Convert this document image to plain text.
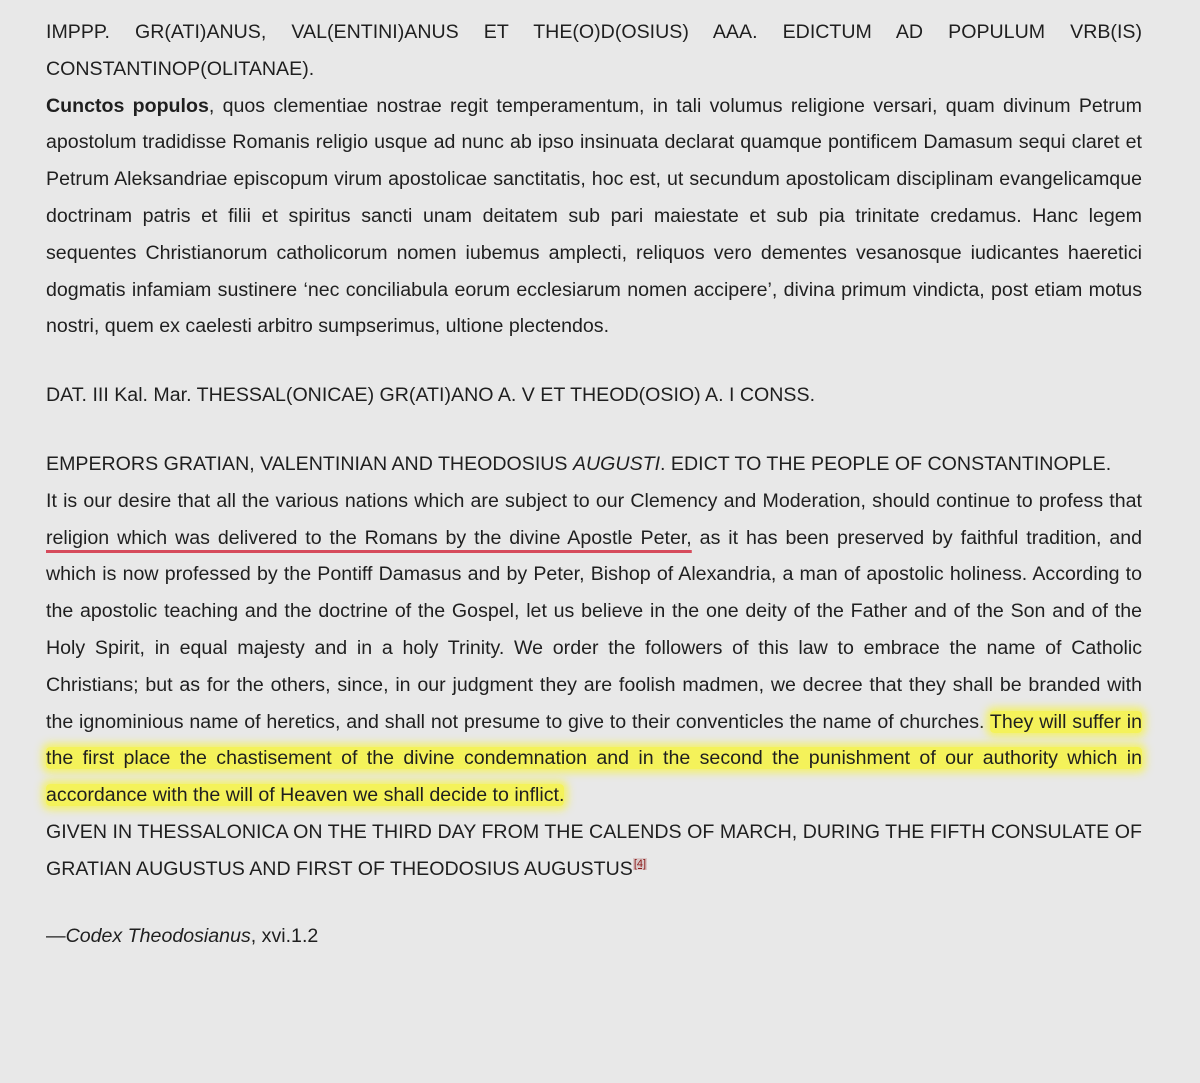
IMPPP. GR(ATI)ANUS, VAL(ENTINI)ANUS ET THE(O)D(OSIUS) AAA. EDICTUM AD POPULUM VRB(IS) CONSTANTINOP(OLITANAE).

Cunctos populos, quos clementiae nostrae regit temperamentum, in tali volumus religione versari, quam divinum Petrum apostolum tradidisse Romanis religio usque ad nunc ab ipso insinuata declarat quamque pontificem Damasum sequi claret et Petrum Aleksandriae episcopum virum apostolicae sanctitatis, hoc est, ut secundum apostolicam disciplinam evangelicamque doctrinam patris et filii et spiritus sancti unam deitatem sub pari maiestate et sub pia trinitate credamus. Hanc legem sequentes Christianorum catholicorum nomen iubemus amplecti, reliquos vero dementes vesanosque iudicantes haeretici dogmatis infamiam sustinere ‘nec conciliabula eorum ecclesiarum nomen accipere’, divina primum vindicta, post etiam motus nostri, quem ex caelesti arbitro sumpserimus, ultione plectendos.

DAT. III Kal. Mar. THESSAL(ONICAE) GR(ATI)ANO A. V ET THEOD(OSIO) A. I CONSS.

EMPERORS GRATIAN, VALENTINIAN AND THEODOSIUS AUGUSTI. EDICT TO THE PEOPLE OF CONSTANTINOPLE.

It is our desire that all the various nations which are subject to our Clemency and Moderation, should continue to profess that religion which was delivered to the Romans by the divine Apostle Peter, as it has been preserved by faithful tradition, and which is now professed by the Pontiff Damasus and by Peter, Bishop of Alexandria, a man of apostolic holiness. According to the apostolic teaching and the doctrine of the Gospel, let us believe in the one deity of the Father and of the Son and of the Holy Spirit, in equal majesty and in a holy Trinity. We order the followers of this law to embrace the name of Catholic Christians; but as for the others, since, in our judgment they are foolish madmen, we decree that they shall be branded with the ignominious name of heretics, and shall not presume to give to their conventicles the name of churches. They will suffer in the first place the chastisement of the divine condemnation and in the second the punishment of our authority which in accordance with the will of Heaven we shall decide to inflict.

GIVEN IN THESSALONICA ON THE THIRD DAY FROM THE CALENDS OF MARCH, DURING THE FIFTH CONSULATE OF GRATIAN AUGUSTUS AND FIRST OF THEODOSIUS AUGUSTUS[4]

—Codex Theodosianus, xvi.1.2
